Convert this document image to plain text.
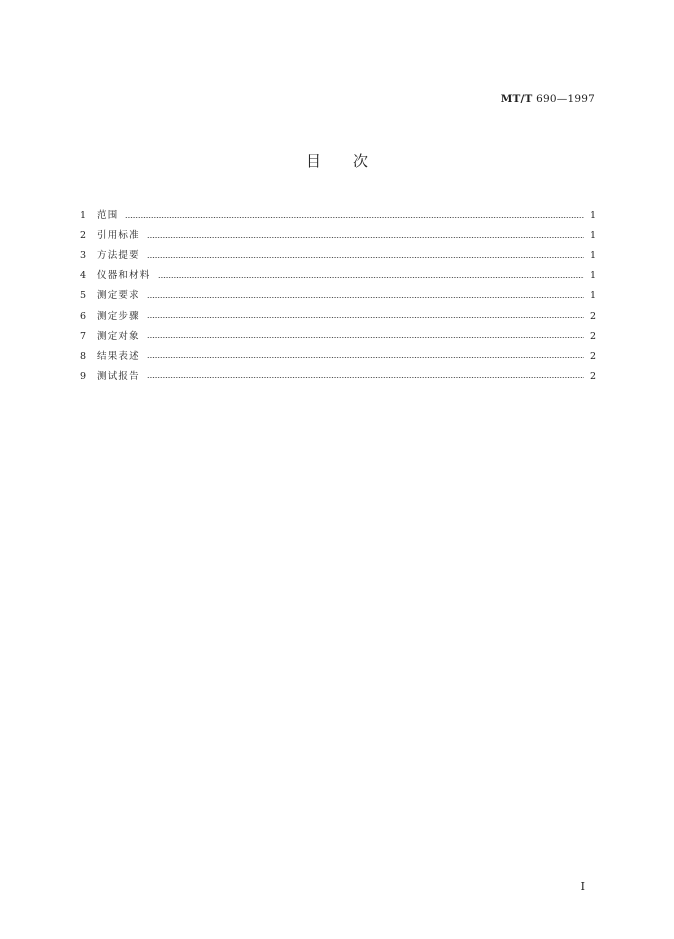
MT/T 690—1997
目 次
1	范围	1
2	引用标准	1
3	方法提要	1
4	仪器和材料	1
5	测定要求	1
6	测定步骤	2
7	测定对象	2
8	结果表述	2
9	测试报告	2
I
